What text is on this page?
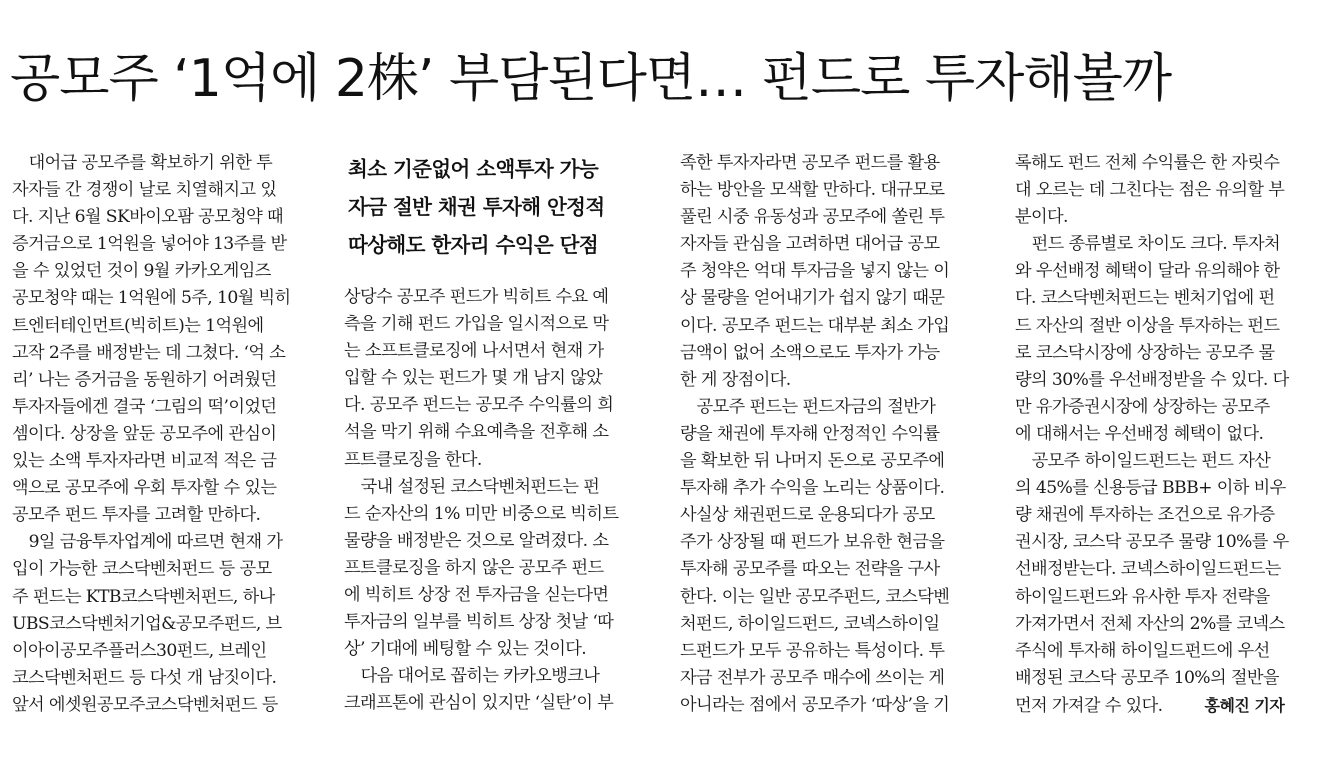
공모주 ‘1억에 2株’ 부담된다면… 펀드로 투자해볼까

　대어급 공모주를 확보하기 위한 투

자자들 간 경쟁이 날로 치열해지고 있

다. 지난 6월 SK바이오팜 공모청약 때

증거금으로 1억원을 넣어야 13주를 받

을 수 있었던 것이 9월 카카오게임즈

공모청약 때는 1억원에 5주, 10월 빅히

트엔터테인먼트(빅히트)는 1억원에

고작 2주를 배정받는 데 그쳤다. ‘억 소

리’ 나는 증거금을 동원하기 어려웠던

투자자들에겐 결국 ‘그림의 떡’이었던

셈이다. 상장을 앞둔 공모주에 관심이

있는 소액 투자자라면 비교적 적은 금

액으로 공모주에 우회 투자할 수 있는

공모주 펀드 투자를 고려할 만하다.

　9일 금융투자업계에 따르면 현재 가

입이 가능한 코스닥벤처펀드 등 공모

주 펀드는 KTB코스닥벤처펀드, 하나

UBS코스닥벤처기업&공모주펀드, 브

이아이공모주플러스30펀드, 브레인

코스닥벤처펀드 등 다섯 개 남짓이다.

앞서 에셋원공모주코스닥벤처펀드 등

최소 기준없어 소액투자 가능
자금 절반 채권 투자해 안정적
따상해도 한자리 수익은 단점

상당수 공모주 펀드가 빅히트 수요 예

측을 기해 펀드 가입을 일시적으로 막

는 소프트클로징에 나서면서 현재 가

입할 수 있는 펀드가 몇 개 남지 않았

다. 공모주 펀드는 공모주 수익률의 희

석을 막기 위해 수요예측을 전후해 소

프트클로징을 한다.

　국내 설정된 코스닥벤처펀드는 펀

드 순자산의 1% 미만 비중으로 빅히트

물량을 배정받은 것으로 알려졌다. 소

프트클로징을 하지 않은 공모주 펀드

에 빅히트 상장 전 투자금을 싣는다면

투자금의 일부를 빅히트 상장 첫날 ‘따

상’ 기대에 베팅할 수 있는 것이다.

　다음 대어로 꼽히는 카카오뱅크나

크래프톤에 관심이 있지만 ‘실탄’이 부

족한 투자자라면 공모주 펀드를 활용

하는 방안을 모색할 만하다. 대규모로

풀린 시중 유동성과 공모주에 쏠린 투

자자들 관심을 고려하면 대어급 공모

주 청약은 억대 투자금을 넣지 않는 이

상 물량을 얻어내기가 쉽지 않기 때문

이다. 공모주 펀드는 대부분 최소 가입

금액이 없어 소액으로도 투자가 가능

한 게 장점이다.

　공모주 펀드는 펀드자금의 절반가

량을 채권에 투자해 안정적인 수익률

을 확보한 뒤 나머지 돈으로 공모주에

투자해 추가 수익을 노리는 상품이다.

사실상 채권펀드로 운용되다가 공모

주가 상장될 때 펀드가 보유한 현금을

투자해 공모주를 따오는 전략을 구사

한다. 이는 일반 공모주펀드, 코스닥벤

처펀드, 하이일드펀드, 코넥스하이일

드펀드가 모두 공유하는 특성이다. 투

자금 전부가 공모주 매수에 쓰이는 게

아니라는 점에서 공모주가 ‘따상’을 기

록해도 펀드 전체 수익률은 한 자릿수

대 오르는 데 그친다는 점은 유의할 부

분이다.

　펀드 종류별로 차이도 크다. 투자처

와 우선배정 혜택이 달라 유의해야 한

다. 코스닥벤처펀드는 벤처기업에 펀

드 자산의 절반 이상을 투자하는 펀드

로 코스닥시장에 상장하는 공모주 물

량의 30%를 우선배정받을 수 있다. 다

만 유가증권시장에 상장하는 공모주

에 대해서는 우선배정 혜택이 없다.

　공모주 하이일드펀드는 펀드 자산

의 45%를 신용등급 BBB+ 이하 비우

량 채권에 투자하는 조건으로 유가증

권시장, 코스닥 공모주 물량 10%를 우

선배정받는다. 코넥스하이일드펀드는

하이일드펀드와 유사한 투자 전략을

가져가면서 전체 자산의 2%를 코넥스

주식에 투자해 하이일드펀드에 우선

배정된 코스닥 공모주 10%의 절반을

먼저 가져갈 수 있다.	홍혜진 기자
